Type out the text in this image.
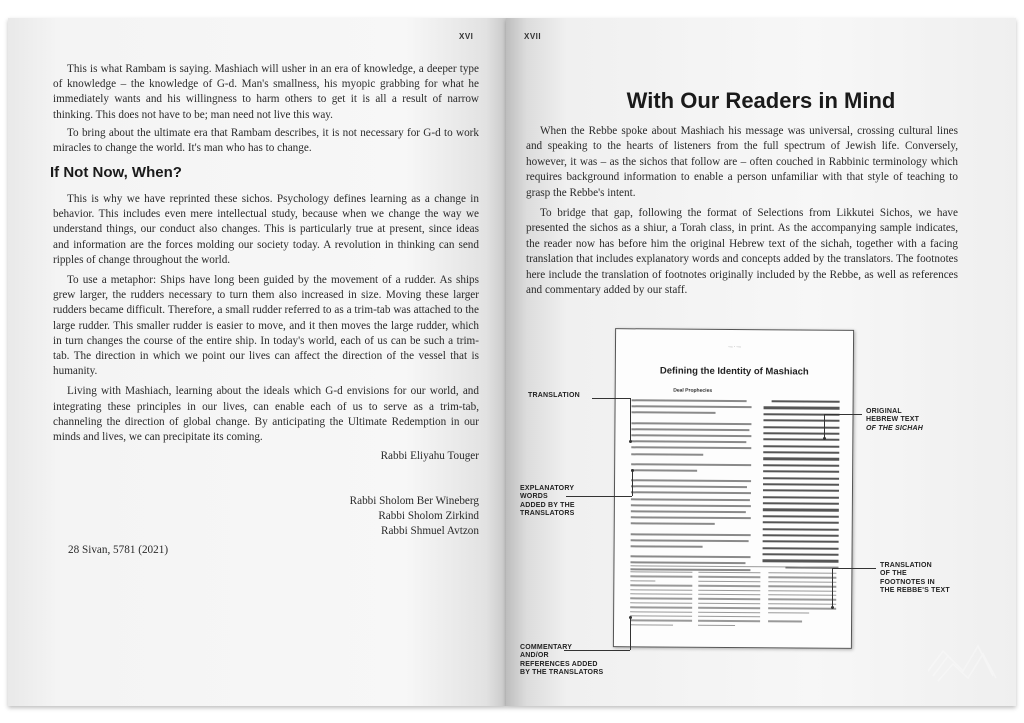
XVI

This is what Rambam is saying. Mashiach will usher in an era of knowledge, a deeper type of knowledge – the knowledge of G-d. Man's smallness, his myopic grabbing for what he immediately wants and his willingness to harm others to get it is all a result of narrow thinking. This does not have to be; man need not live this way.

To bring about the ultimate era that Rambam describes, it is not necessary for G-d to work miracles to change the world. It's man who has to change.

If Not Now, When?

This is why we have reprinted these sichos. Psychology defines learning as a change in behavior. This includes even mere intellectual study, because when we change the way we understand things, our conduct also changes. This is particularly true at present, since ideas and information are the forces molding our society today. A revolution in thinking can send ripples of change throughout the world.

To use a metaphor: Ships have long been guided by the movement of a rudder. As ships grew larger, the rudders necessary to turn them also increased in size. Moving these larger rudders became difficult. Therefore, a small rudder referred to as a trim-tab was attached to the large rudder. This smaller rudder is easier to move, and it then moves the large rudder, which in turn changes the course of the entire ship. In today's world, each of us can be such a trim-tab. The direction in which we point our lives can affect the direction of the vessel that is humanity.

Living with Mashiach, learning about the ideals which G-d envisions for our world, and integrating these principles in our lives, can enable each of us to serve as a trim-tab, channeling the direction of global change. By anticipating the Ultimate Redemption in our minds and lives, we can precipitate its coming.

Rabbi Eliyahu Touger
Rabbi Sholom Ber Wineberg
Rabbi Sholom Zirkind
Rabbi Shmuel Avtzon
28 Sivan, 5781 (2021)
XVII
With Our Readers in Mind

When the Rebbe spoke about Mashiach his message was universal, crossing cultural lines and speaking to the hearts of listeners from the full spectrum of Jewish life. Conversely, however, it was – as the sichos that follow are – often couched in Rabbinic terminology which requires background information to enable a person unfamiliar with that style of teaching to grasp the Rebbe's intent.

To bridge that gap, following the format of Selections from Likkutei Sichos, we have presented the sichos as a shiur, a Torah class, in print. As the accompanying sample indicates, the reader now has before him the original Hebrew text of the sichah, together with a facing translation that includes explanatory words and concepts added by the translators. The footnotes here include the translation of footnotes originally included by the Rebbe, as well as references and commentary added by our staff.

— · —
Defining the Identity of Mashiach
Deal Prophecies
TRANSLATION
EXPLANATORY
WORDS
ADDED BY THE
TRANSLATORS
COMMENTARY
AND/OR
REFERENCES ADDED
BY THE TRANSLATORS
ORIGINAL
HEBREW TEXT
OF THE SICHAH
TRANSLATION
OF THE
FOOTNOTES IN
THE REBBE'S TEXT
